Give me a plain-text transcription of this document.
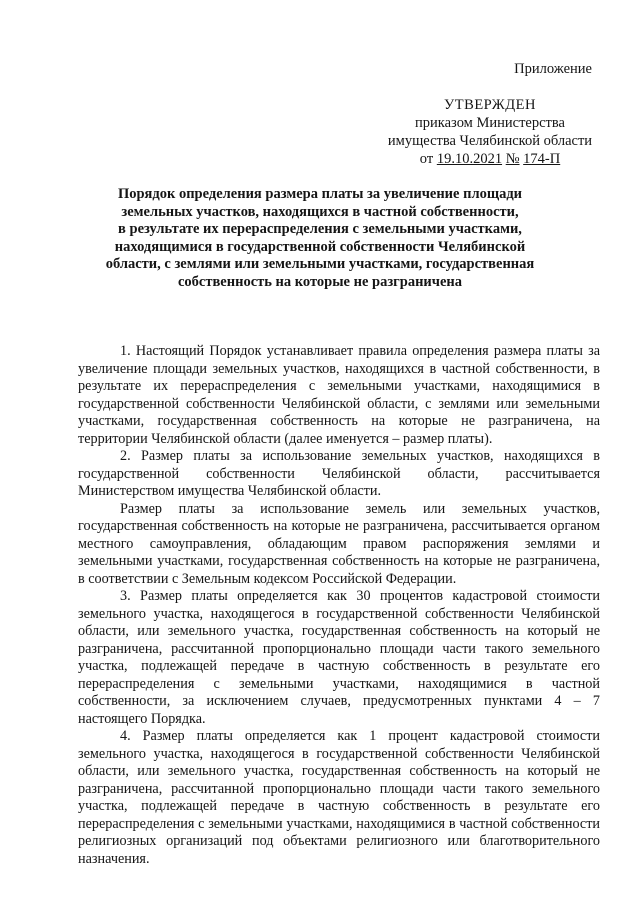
Приложение
УТВЕРЖДЕН
приказом Министерства
имущества Челябинской области
от 19.10.2021 № 174-П
Порядок определения размера платы за увеличение площади
земельных участков, находящихся в частной собственности,
в результате их перераспределения с земельными участками,
находящимися в государственной собственности Челябинской
области, с землями или земельными участками, государственная
собственность на которые не разграничена

1. Настоящий Порядок устанавливает правила определения размера платы за увеличение площади земельных участков, находящихся в частной собственности, в результате их перераспределения с земельными участками, находящимися в государственной собственности Челябинской области, с землями или земельными участками, государственная собственность на которые не разграничена, на территории Челябинской области (далее именуется – размер платы).

2. Размер платы за использование земельных участков, находящихся в государственной собственности Челябинской области, рассчитывается Министерством имущества Челябинской области.

Размер платы за использование земель или земельных участков, государственная собственность на которые не разграничена, рассчитывается органом местного самоуправления, обладающим правом распоряжения землями и земельными участками, государственная собственность на которые не разграничена, в соответствии с Земельным кодексом Российской Федерации.

3. Размер платы определяется как 30 процентов кадастровой стоимости земельного участка, находящегося в государственной собственности Челябинской области, или земельного участка, государственная собственность на который не разграничена, рассчитанной пропорционально площади части такого земельного участка, подлежащей передаче в частную собственность в результате его перераспределения с земельными участками, находящимися в частной собственности, за исключением случаев, предусмотренных пунктами 4 – 7 настоящего Порядка.

4. Размер платы определяется как 1 процент кадастровой стоимости земельного участка, находящегося в государственной собственности Челябинской области, или земельного участка, государственная собственность на который не разграничена, рассчитанной пропорционально площади части такого земельного участка, подлежащей передаче в частную собственность в результате его перераспределения с земельными участками, находящимися в частной собственности религиозных организаций под объектами религиозного или благотворительного назначения.
